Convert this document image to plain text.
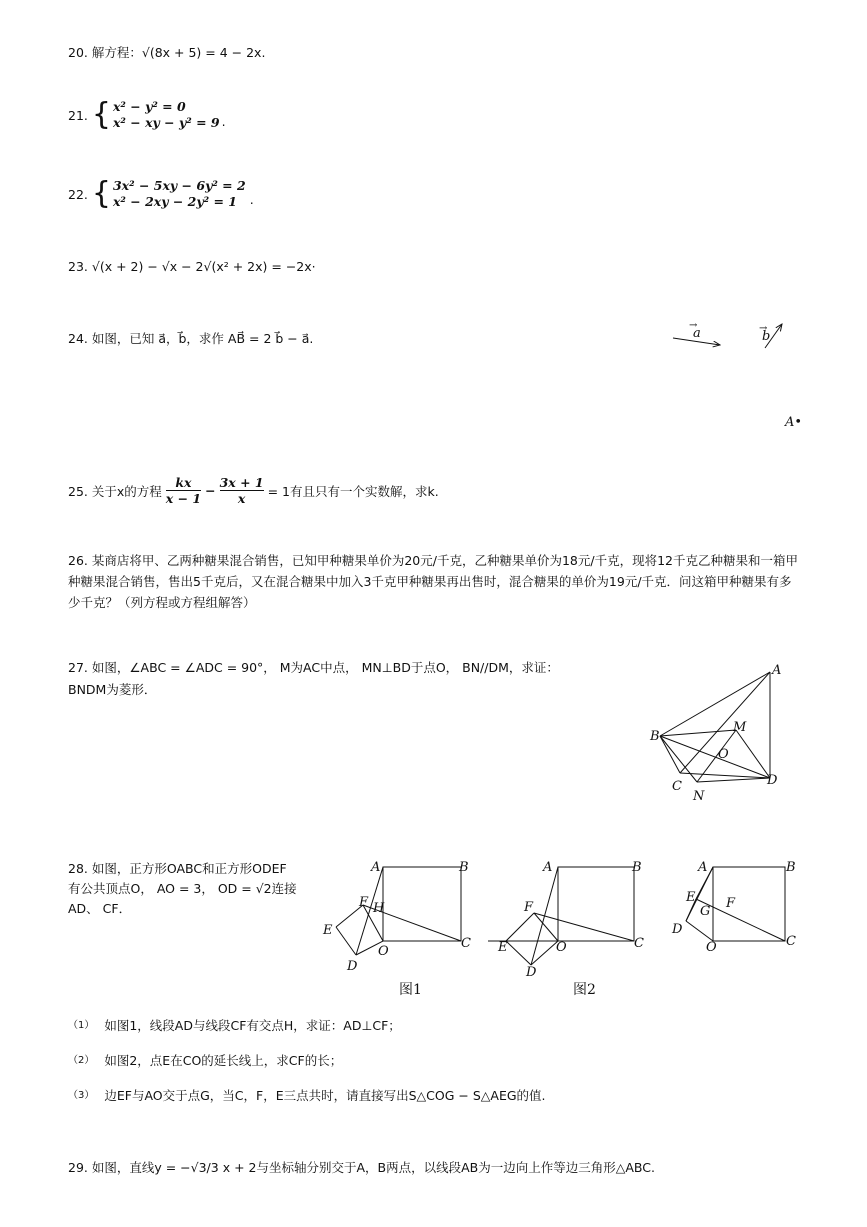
20. 解方程：√(8x + 5) = 4 − 2x.
21. { x² − y² = 0
x² − xy − y² = 9 .
22. { 3x² − 5xy − 6y² = 2
x² − 2xy − 2y² = 1	.
23. √(x + 2) − √x − 2√(x² + 2x) = −2x·
24. 如图，已知 a⃗，b⃗，求作 AB⃗ = 2 b⃗ − a⃗.	a
→
b
→
A•
25. 关于x的方程
kx
x − 1
−
3x + 1
x = 1有且只有一个实数解，求k.
26. 某商店将甲、乙两种糖果混合销售，已知甲种糖果单价为20元/千克，乙种糖果单价为18元/千克，现将12千克乙种糖果和一箱甲种糖果混合销售，售出5千克后，又在混合糖果中加入3千克甲种糖果再出售时，混合糖果的单价为19元/千克．问这箱甲种糖果有多少千克？（列方程或方程组解答）
27. 如图，∠ABC = ∠ADC = 90°， M为AC中点， MN⊥BD于点O， BN//DM，求证：
BNDM为菱形．
A
B
M
O
C	D
N
28. 如图，正方形OABC和正方形ODEF
有公共顶点O， AO = 3， OD = √2连接
AD、 CF．
A	B
F H
E
O
C
D
图1
A	B
F
E	O	C
D
图2
A	B
E
G
F
D
O	C
$^{(1)}$ 如图1，线段AD与线段CF有交点H，求证：AD⊥CF；
$^{(2)}$ 如图2，点E在CO的延长线上，求CF的长；
$^{(3)}$ 边EF与AO交于点G，当C，F，E三点共时，请直接写出S△COG − S△AEG的值.
29. 如图，直线y = −√3/3 x + 2与坐标轴分别交于A，B两点，以线段AB为一边向上作等边三角形△ABC.
